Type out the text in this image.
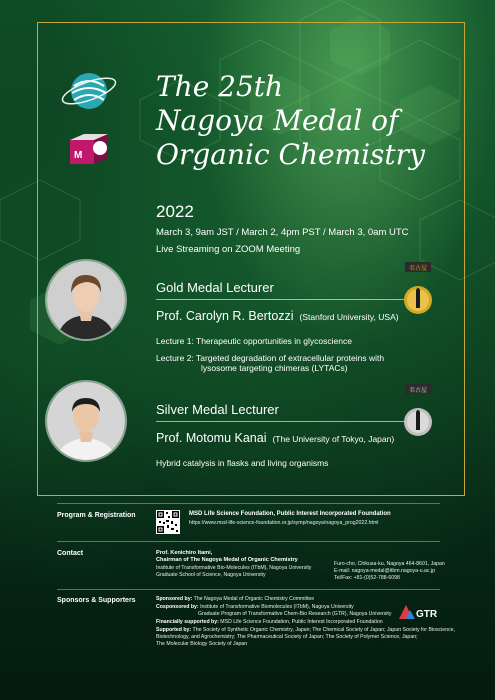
M
The 25th
Nagoya Medal of
Organic Chemistry
2022
March 3, 9am JST / March 2, 4pm PST / March 3, 0am UTC
Live Streaming on ZOOM Meeting
Gold Medal Lecturer
Prof. Carolyn R. Bertozzi (Stanford University, USA)
Lecture 1: Therapeutic opportunities in glycoscience
Lecture 2: Targeted degradation of extracellular proteins with
lysosome targeting chimeras (LYTACs)
名古屋
Silver Medal Lecturer
Prof. Motomu Kanai (The University of Tokyo, Japan)
Hybrid catalysis in flasks and living organisms
名古屋
Program & Registration	MSD Life Science Foundation, Public Interest Incorporated Foundation
https://www.msd-life-science-foundation.or.jp/symp/nagoya/nagoya_prog2022.html
Contact	Prof. Kenichiro Itami,
Chairman of The Nagoya Medal of Organic Chemistry
Institute of Transformative Bio-Molecules (ITbM), Nagoya University
Graduate School of Science, Nagoya University
Furo-cho, Chikusa-ku, Nagoya 464-8601, Japan
E-mail: nagoya-medal@itbm.nagoya-u.ac.jp
Tel/Fax: +81-(0)52-788-6098
Sponsors & Supporters	Sponsored by: The Nagoya Medal of Organic Chemistry Committee
Cosponsored by: Institute of Transformative Biomolecules (ITbM), Nagoya University
Graduate Program of Transformative Chem-Bio Research (GTR), Nagoya University
Financially supported by: MSD Life Science Foundation, Public Interest Incorporated Foundation
Supported by: The Society of Synthetic Organic Chemistry, Japan; The Chemical Society of Japan; Japan Society for Bioscience,
Biotechnology, and Agrochemistry; The Pharmaceutical Society of Japan; The Society of Polymer Science, Japan;
The Molecular Biology Society of Japan
GTR
